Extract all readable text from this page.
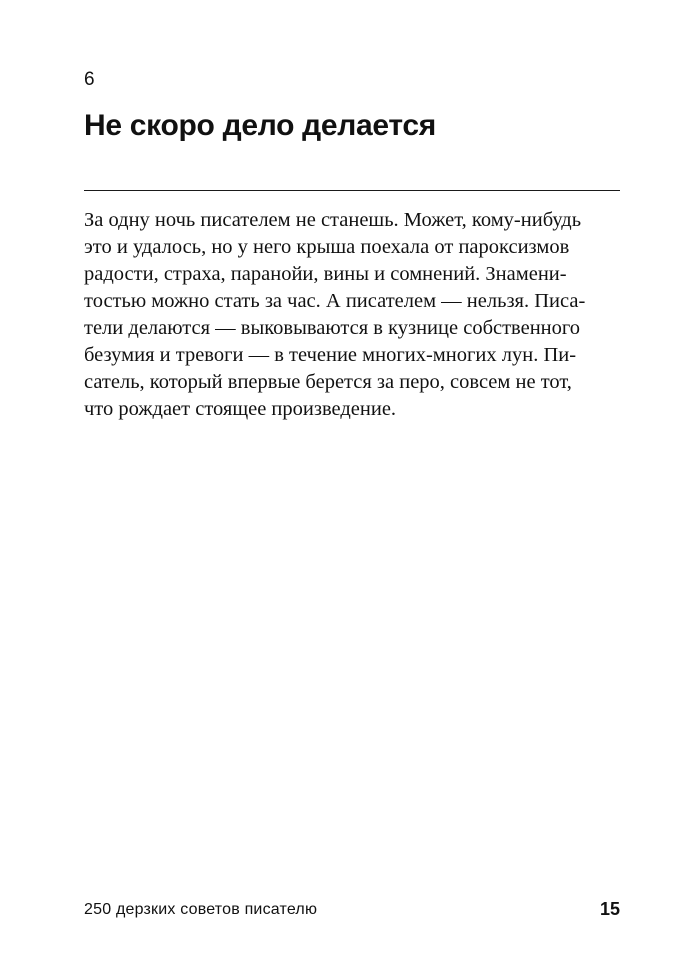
6
Не скоро дело делается
За одну ночь писателем не станешь. Может, кому-нибудь
это и удалось, но у него крыша поехала от пароксизмов
радости, страха, паранойи, вины и сомнений. Знамени-
тостью можно стать за час. А писателем — нельзя. Писа-
тели делаются — выковываются в кузнице собственного
безумия и тревоги — в течение многих-многих лун. Пи-
сатель, который впервые берется за перо, совсем не тот,
что рождает стоящее произведение.
250 дерзких советов писателю	15
